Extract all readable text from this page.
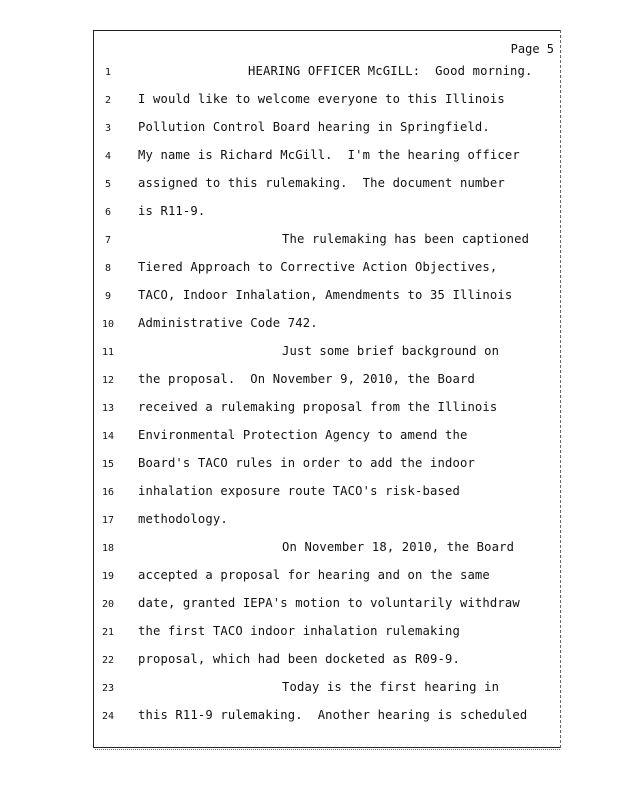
Page 5
1	HEARING OFFICER McGILL:  Good morning.
2	I would like to welcome everyone to this Illinois
3	Pollution Control Board hearing in Springfield.
4	My name is Richard McGill.  I'm the hearing officer
5	assigned to this rulemaking.  The document number
6	is R11-9.
7	The rulemaking has been captioned
8	Tiered Approach to Corrective Action Objectives,
9	TACO, Indoor Inhalation, Amendments to 35 Illinois
10	Administrative Code 742.
11	Just some brief background on
12	the proposal.  On November 9, 2010, the Board
13	received a rulemaking proposal from the Illinois
14	Environmental Protection Agency to amend the
15	Board's TACO rules in order to add the indoor
16	inhalation exposure route TACO's risk-based
17	methodology.
18	On November 18, 2010, the Board
19	accepted a proposal for hearing and on the same
20	date, granted IEPA's motion to voluntarily withdraw
21	the first TACO indoor inhalation rulemaking
22	proposal, which had been docketed as R09-9.
23	Today is the first hearing in
24	this R11-9 rulemaking.  Another hearing is scheduled
